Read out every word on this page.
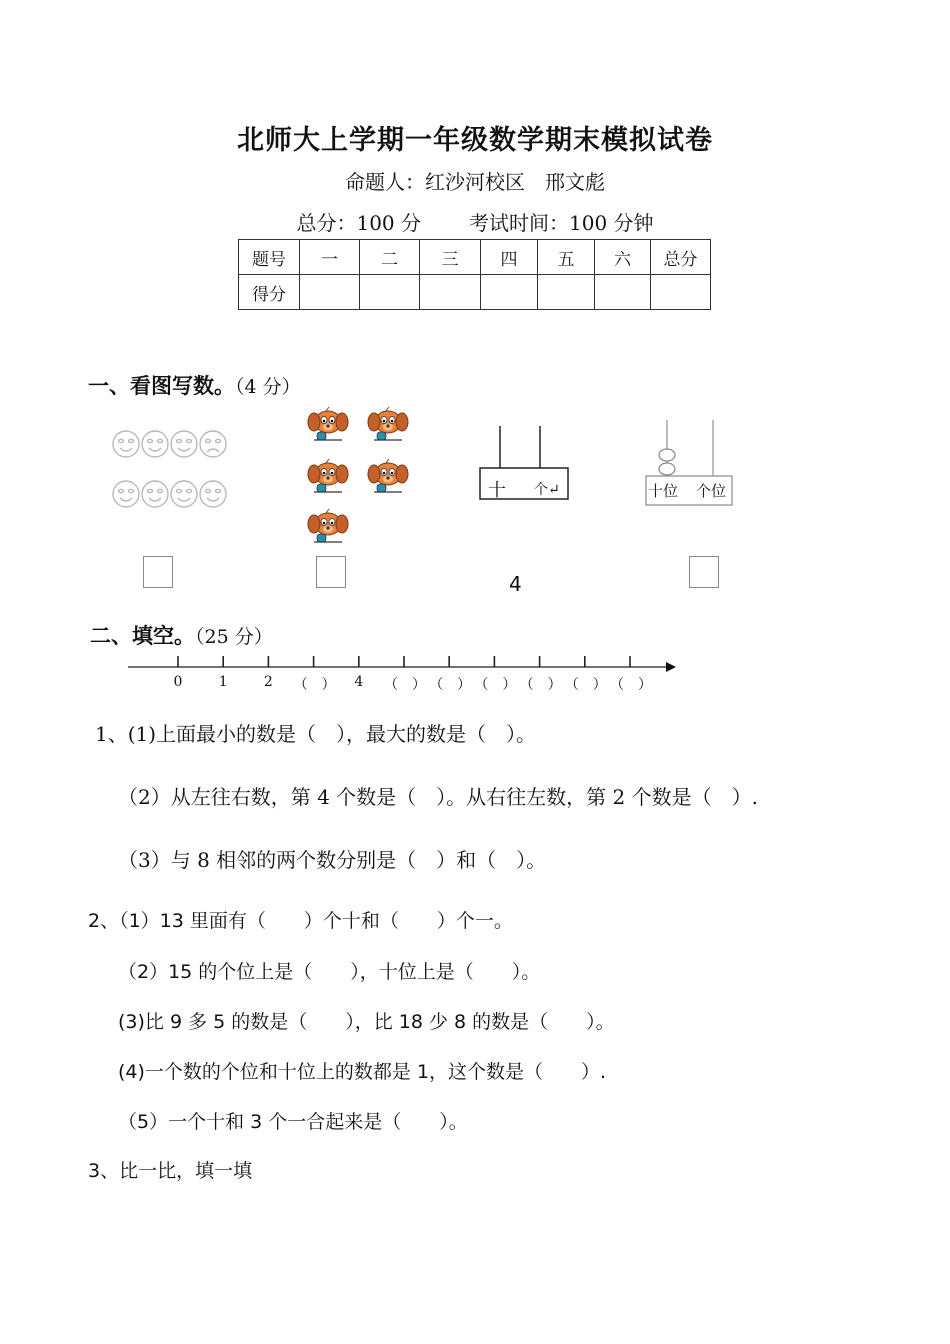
北师大上学期一年级数学期末模拟试卷
命题人：红沙河校区　邢文彪
总分：100 分 考试时间：100 分钟
题号	一	二	三	四	五	六	总分
得分							
一、看图写数。（4 分）
十 个↵	十位 个位
4
二、填空。（25 分）
0	1	2	（　）	4	（　） （　） （　） （　） （　） （　）
1、(1)上面最小的数是（　），最大的数是（　）。
（2）从左往右数，第 4 个数是（　）。从右往左数，第 2 个数是（　）.
（3）与 8 相邻的两个数分别是（　）和（　）。
2、（1）13 里面有（　　）个十和（　　）个一。
（2）15 的个位上是（　　），十位上是（　　）。
(3)比 9 多 5 的数是（　　），比 18 少 8 的数是（　　）。
(4)一个数的个位和十位上的数都是 1，这个数是（　　）.
（5）一个十和 3 个一合起来是（　　）。
3、比一比，填一填
